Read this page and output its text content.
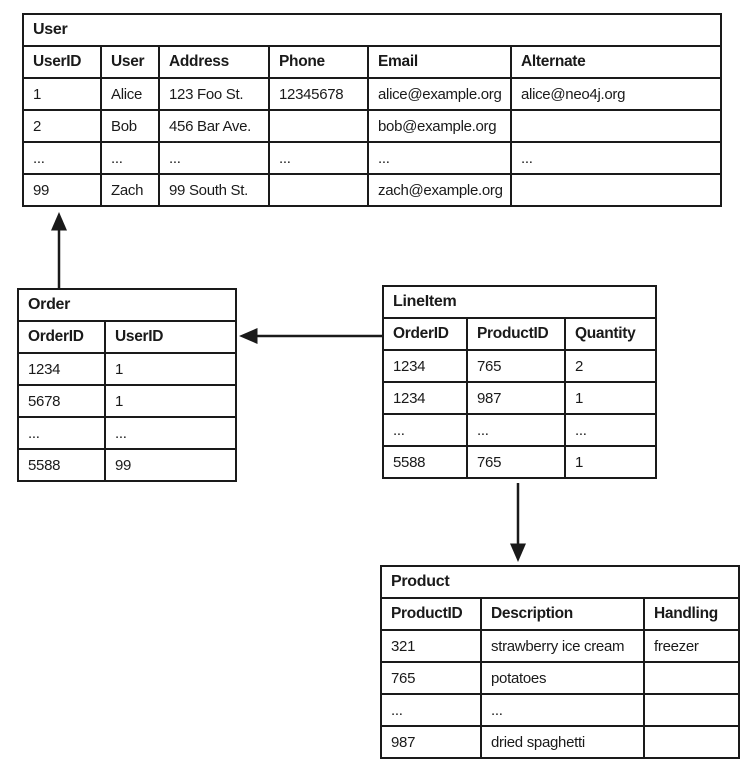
User					
UserID	User	Address	Phone	Email	Alternate
1	Alice	123 Foo St.	12345678	alice@example.org	alice@neo4j.org
2	Bob	456 Bar Ave.		bob@example.org	
...	...	...	...	...	...
99	Zach	99 South St.		zach@example.org	
Order	
OrderID	UserID
1234	1
5678	1
...	...
5588	99
LineItem		
OrderID	ProductID	Quantity
1234	765	2
1234	987	1
...	...	...
5588	765	1
Product		
ProductID	Description	Handling
321	strawberry ice cream	freezer
765	potatoes	
...	...	
987	dried spaghetti	
